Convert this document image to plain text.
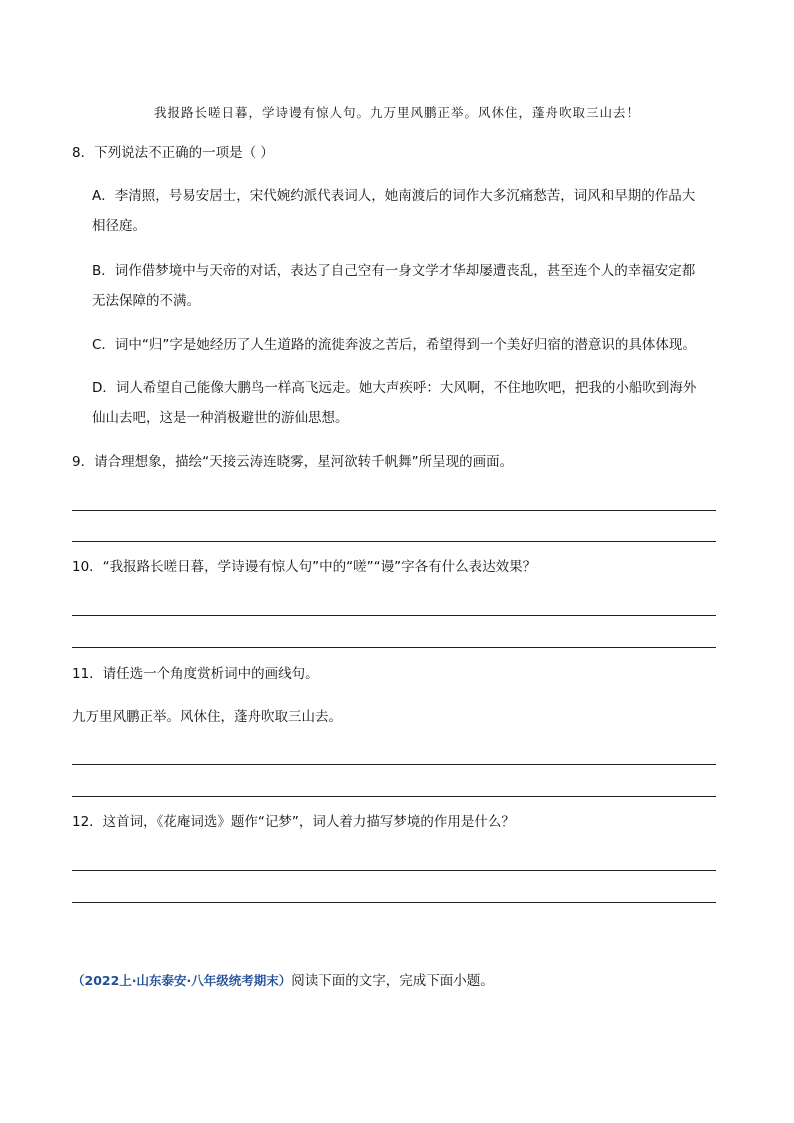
我报路长嗟日暮，学诗谩有惊人句。九万里风鹏正举。风休住，蓬舟吹取三山去！
8．下列说法不正确的一项是（ ）
A．李清照，号易安居士，宋代婉约派代表词人，她南渡后的词作大多沉痛愁苦，词风和早期的作品大
相径庭。
B．词作借梦境中与天帝的对话，表达了自己空有一身文学才华却屡遭丧乱，甚至连个人的幸福安定都
无法保障的不满。
C．词中“归”字是她经历了人生道路的流徙奔波之苦后，希望得到一个美好归宿的潜意识的具体体现。
D．词人希望自己能像大鹏鸟一样高飞远走。她大声疾呼：大风啊，不住地吹吧，把我的小船吹到海外
仙山去吧，这是一种消极避世的游仙思想。
9．请合理想象，描绘“天接云涛连晓雾，星河欲转千帆舞”所呈现的画面。
10．“我报路长嗟日暮，学诗谩有惊人句”中的“嗟”“谩”字各有什么表达效果？
11．请任选一个角度赏析词中的画线句。
九万里风鹏正举。风休住，蓬舟吹取三山去。
12．这首词，《花庵词选》题作“记梦”，词人着力描写梦境的作用是什么？
（2022上·山东泰安·八年级统考期末）阅读下面的文字，完成下面小题。
